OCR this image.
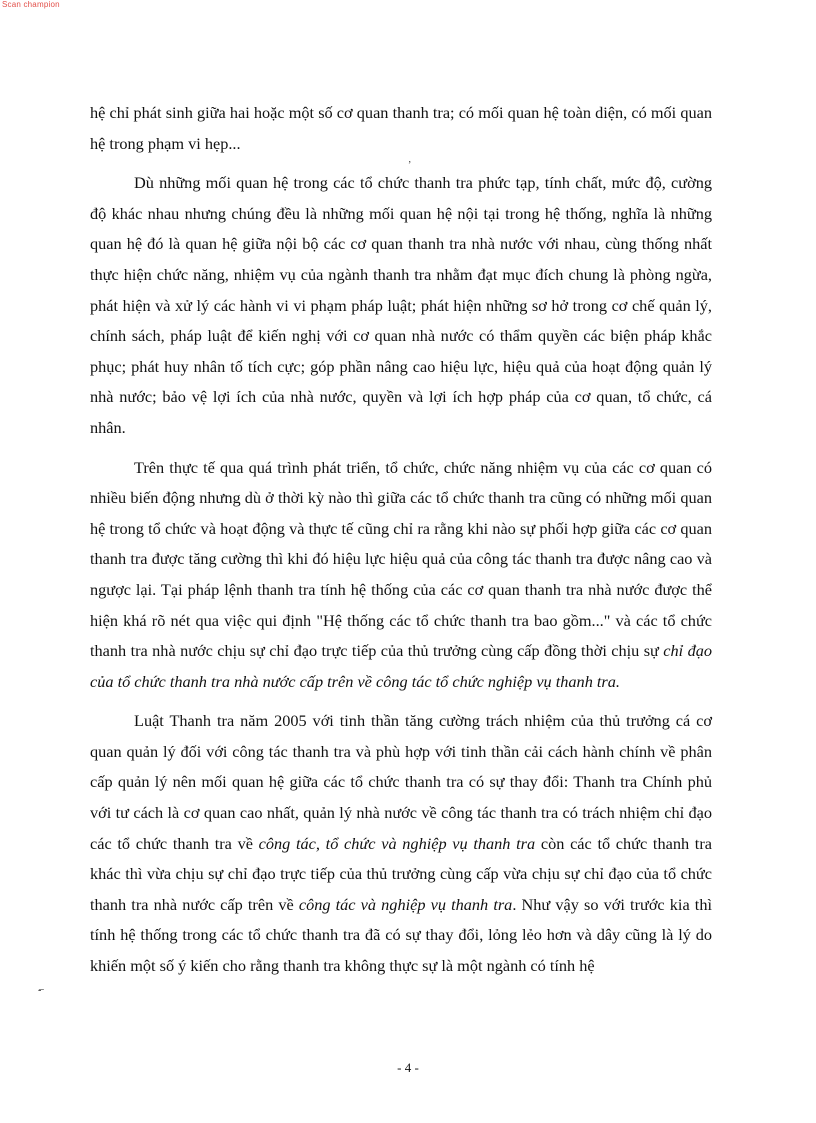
Scan champion
ʼ
-̶

hệ chỉ phát sinh giữa hai hoặc một số cơ quan thanh tra; có mối quan hệ toàn diện, có mối quan hệ trong phạm vi hẹp...

Dù những mối quan hệ trong các tổ chức thanh tra phức tạp, tính chất, mức độ, cường độ khác nhau nhưng chúng đều là những mối quan hệ nội tại trong hệ thống, nghĩa là những quan hệ đó là quan hệ giữa nội bộ các cơ quan thanh tra nhà nước với nhau, cùng thống nhất thực hiện chức năng, nhiệm vụ của ngành thanh tra nhằm đạt mục đích chung là phòng ngừa, phát hiện và xử lý các hành vi vi phạm pháp luật; phát hiện những sơ hở trong cơ chế quản lý, chính sách, pháp luật để kiến nghị với cơ quan nhà nước có thẩm quyền các biện pháp khắc phục; phát huy nhân tố tích cực; góp phần nâng cao hiệu lực, hiệu quả của hoạt động quản lý nhà nước; bảo vệ lợi ích của nhà nước, quyền và lợi ích hợp pháp của cơ quan, tổ chức, cá nhân.

Trên thực tế qua quá trình phát triển, tổ chức, chức năng nhiệm vụ của các cơ quan có nhiều biến động nhưng dù ở thời kỳ nào thì giữa các tổ chức thanh tra cũng có những mối quan hệ trong tổ chức và hoạt động và thực tế cũng chỉ ra rằng khi nào sự phối hợp giữa các cơ quan thanh tra được tăng cường thì khi đó hiệu lực hiệu quả của công tác thanh tra được nâng cao và ngược lại. Tại pháp lệnh thanh tra tính hệ thống của các cơ quan thanh tra nhà nước được thể hiện khá rõ nét qua việc qui định "Hệ thống các tổ chức thanh tra bao gồm..." và các tổ chức thanh tra nhà nước chịu sự chỉ đạo trực tiếp của thủ trưởng cùng cấp đồng thời chịu sự chỉ đạo của tổ chức thanh tra nhà nước cấp trên về công tác tổ chức nghiệp vụ thanh tra.

Luật Thanh tra năm 2005 với tinh thần tăng cường trách nhiệm của thủ trưởng cá cơ quan quản lý đối với công tác thanh tra và phù hợp với tinh thần cải cách hành chính về phân cấp quản lý nên mối quan hệ giữa các tổ chức thanh tra có sự thay đổi: Thanh tra Chính phủ với tư cách là cơ quan cao nhất, quản lý nhà nước về công tác thanh tra có trách nhiệm chỉ đạo các tổ chức thanh tra về công tác, tổ chức và nghiệp vụ thanh tra còn các tổ chức thanh tra khác thì vừa chịu sự chỉ đạo trực tiếp của thủ trưởng cùng cấp vừa chịu sự chỉ đạo của tổ chức thanh tra nhà nước cấp trên về công tác và nghiệp vụ thanh tra. Như vậy so với trước kia thì tính hệ thống trong các tổ chức thanh tra đã có sự thay đổi, lỏng lẻo hơn và dây cũng là lý do khiến một số ý kiến cho rằng thanh tra không thực sự là một ngành có tính hệ

- 4 -
